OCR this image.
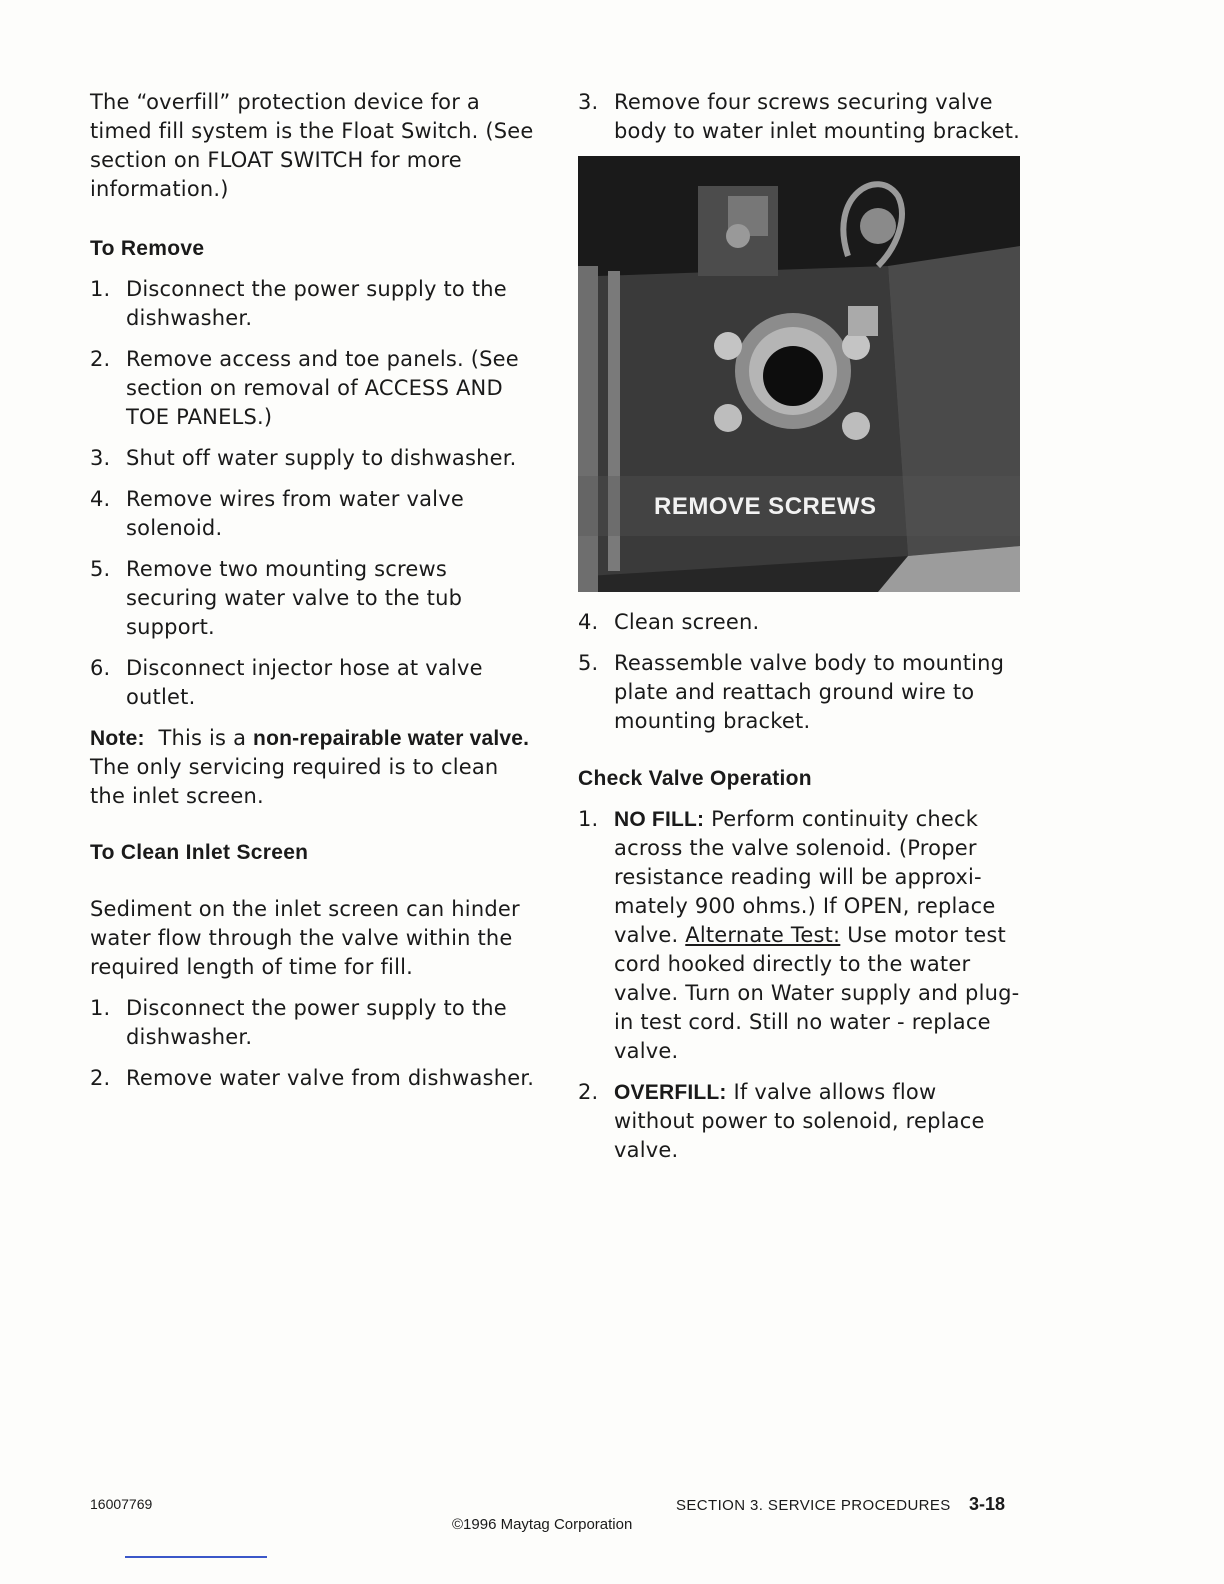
The “overfill” protection device for a timed fill system is the Float Switch. (See section on FLOAT SWITCH for more information.)

To Remove
1. Disconnect the power supply to the dishwasher.
2. Remove access and toe panels. (See section on removal of ACCESS AND TOE PANELS.)
3. Shut off water supply to dishwasher.
4. Remove wires from water valve solenoid.
5. Remove two mounting screws securing water valve to the tub support.
6. Disconnect injector hose at valve outlet.

Note: This is a non-repairable water valve. The only servicing required is to clean the inlet screen.

To Clean Inlet Screen

Sediment on the inlet screen can hinder water flow through the valve within the required length of time for fill.

1. Disconnect the power supply to the dishwasher.
2. Remove water valve from dishwasher.
3. Remove four screws securing valve body to water inlet mounting bracket.
REMOVE SCREWS
4. Clean screen.
5. Reassemble valve body to mounting plate and reattach ground wire to mounting bracket.
Check Valve Operation
1. NO FILL: Perform continuity check across the valve solenoid. (Proper resistance reading will be approxi-mately 900 ohms.) If OPEN, replace valve. Alternate Test: Use motor test cord hooked directly to the water valve. Turn on Water supply and plug-in test cord. Still no water - replace valve.
2. OVERFILL: If valve allows flow without power to solenoid, replace valve.
16007769
©1996 Maytag Corporation
SECTION 3. SERVICE PROCEDURES 3-18
